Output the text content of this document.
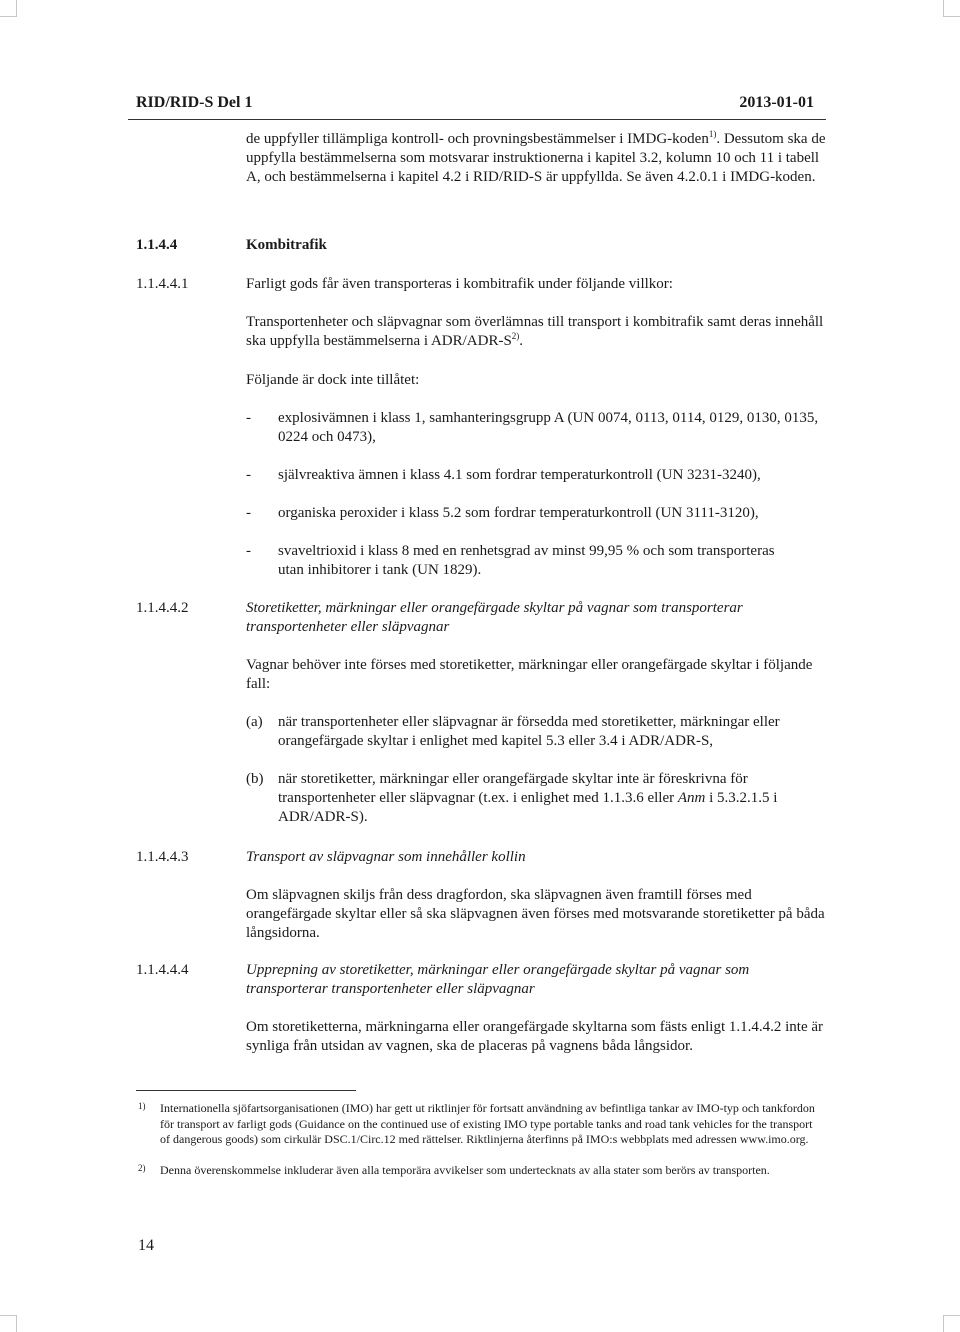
RID/RID-S Del 1	2013-01-01

de uppfyller tillämpliga kontroll- och provningsbestämmelser i IMDG-koden$^{1)}$. Dessutom ska de uppfylla bestämmelserna som motsvarar instruktionerna i kapitel 3.2, kolumn 10 och 11 i tabell A, och bestämmelserna i kapitel 4.2 i RID/RID-S är uppfyllda. Se även 4.2.0.1 i IMDG-koden.

1.1.4.4	Kombitrafik

1.1.4.4.1	Farligt gods får även transporteras i kombitrafik under följande villkor:

Transportenheter och släpvagnar som överlämnas till transport i kombitrafik samt deras innehåll ska uppfylla bestämmelserna i ADR/$ADR-S^{2)}$.

Följande är dock inte tillåtet:

- explosivämnen i klass 1, samhanteringsgrupp A (UN 0074, 0113, 0114, 0129, 0130, 0135, 0224 och 0473),

- självreaktiva ämnen i klass 4.1 som fordrar temperaturkontroll (UN 3231-3240),

- organiska peroxider i klass 5.2 som fordrar temperaturkontroll (UN 3111-3120),

- svaveltrioxid i klass 8 med en renhetsgrad av minst 99,95 % och som transporteras utan inhibitorer i tank (UN 1829).

1.1.4.4.2	Storetiketter, märkningar eller orangefärgade skyltar på vagnar som transporterar transportenheter eller släpvagnar

Vagnar behöver inte förses med storetiketter, märkningar eller orangefärgade skyltar i följande fall:

(a) när transportenheter eller släpvagnar är försedda med storetiketter, märkningar eller orangefärgade skyltar i enlighet med kapitel 5.3 eller 3.4 i ADR/ADR-S,

(b) när storetiketter, märkningar eller orangefärgade skyltar inte är föreskrivna för transportenheter eller släpvagnar (t.ex. i enlighet med 1.1.3.6 eller Anm i 5.3.2.1.5 i ADR/ADR-S).

1.1.4.4.3	Transport av släpvagnar som innehåller kollin

Om släpvagnen skiljs från dess dragfordon, ska släpvagnen även framtill förses med orangefärgade skyltar eller så ska släpvagnen även förses med motsvarande storetiketter på båda långsidorna.

1.1.4.4.4	Upprepning av storetiketter, märkningar eller orangefärgade skyltar på vagnar som transporterar transportenheter eller släpvagnar

Om storetiketterna, märkningarna eller orangefärgade skyltarna som fästs enligt 1.1.4.4.2 inte är synliga från utsidan av vagnen, ska de placeras på vagnens båda långsidor.

1) Internationella sjöfartsorganisationen (IMO) har gett ut riktlinjer för fortsatt användning av befintliga tankar av IMO-typ och tankfordon för transport av farligt gods (Guidance on the continued use of existing IMO type portable tanks and road tank vehicles for the transport of dangerous goods) som cirkulär DSC.1/Circ.12 med rättelser. Riktlinjerna återfinns på IMO:s webbplats med adressen www.imo.org.

2) Denna överenskommelse inkluderar även alla temporära avvikelser som undertecknats av alla stater som berörs av transporten.

14
